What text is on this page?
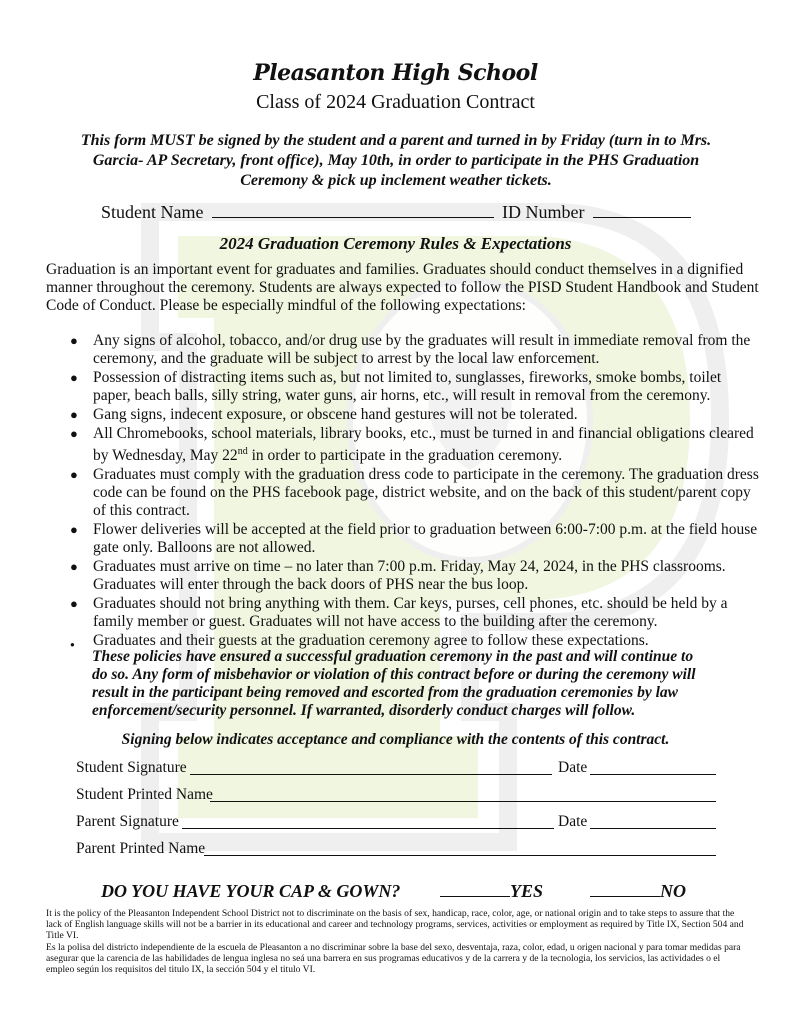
Pleasanton High School
Class of 2024 Graduation Contract
This form MUST be signed by the student and a parent and turned in by Friday (turn in to Mrs. Garcia- AP Secretary, front office), May 10th, in order to participate in the PHS Graduation Ceremony & pick up inclement weather tickets.
Student Name	ID Number
2024 Graduation Ceremony Rules & Expectations
Graduation is an important event for graduates and families. Graduates should conduct themselves in a dignified manner throughout the ceremony. Students are always expected to follow the PISD Student Handbook and Student Code of Conduct. Please be especially mindful of the following expectations:
● Any signs of alcohol, tobacco, and/or drug use by the graduates will result in immediate removal from the ceremony, and the graduate will be subject to arrest by the local law enforcement.
● Possession of distracting items such as, but not limited to, sunglasses, fireworks, smoke bombs, toilet paper, beach balls, silly string, water guns, air horns, etc., will result in removal from the ceremony.
● Gang signs, indecent exposure, or obscene hand gestures will not be tolerated.
● All Chromebooks, school materials, library books, etc., must be turned in and financial obligations cleared by Wednesday, May 22nd in order to participate in the graduation ceremony.
● Graduates must comply with the graduation dress code to participate in the ceremony. The graduation dress code can be found on the PHS facebook page, district website, and on the back of this student/parent copy of this contract.
● Flower deliveries will be accepted at the field prior to graduation between 6:00-7:00 p.m. at the field house gate only. Balloons are not allowed.
● Graduates must arrive on time – no later than 7:00 p.m. Friday, May 24, 2024, in the PHS classrooms. Graduates will enter through the back doors of PHS near the bus loop.
● Graduates should not bring anything with them. Car keys, purses, cell phones, etc. should be held by a family member or guest. Graduates will not have access to the building after the ceremony.
● Graduates and their guests at the graduation ceremony agree to follow these expectations.
These policies have ensured a successful graduation ceremony in the past and will continue to do so. Any form of misbehavior or violation of this contract before or during the ceremony will result in the participant being removed and escorted from the graduation ceremonies by law enforcement/security personnel. If warranted, disorderly conduct charges will follow.
Signing below indicates acceptance and compliance with the contents of this contract.
Student Signature	Date
Student Printed Name
Parent Signature	Date
Parent Printed Name
DO YOU HAVE YOUR CAP & GOWN?	YES	NO

It is the policy of the Pleasanton Independent School District not to discriminate on the basis of sex, handicap, race, color, age, or national origin and to take steps to assure that the lack of English language skills will not be a barrier in its educational and career and technology programs, services, activities or employment as required by Title IX, Section 504 and Title VI.

Es la polisa del districto independiente de la escuela de Pleasanton a no discriminar sobre la base del sexo, desventaja, raza, color, edad, u origen nacional y para tomar medidas para asegurar que la carencia de las habilidades de lengua inglesa no seá una barrera en sus programas educativos y de la carrera y de la tecnologia, los servicios, las actividades o el empleo según los requisitos del titulo IX, la sección 504 y el titulo VI.
